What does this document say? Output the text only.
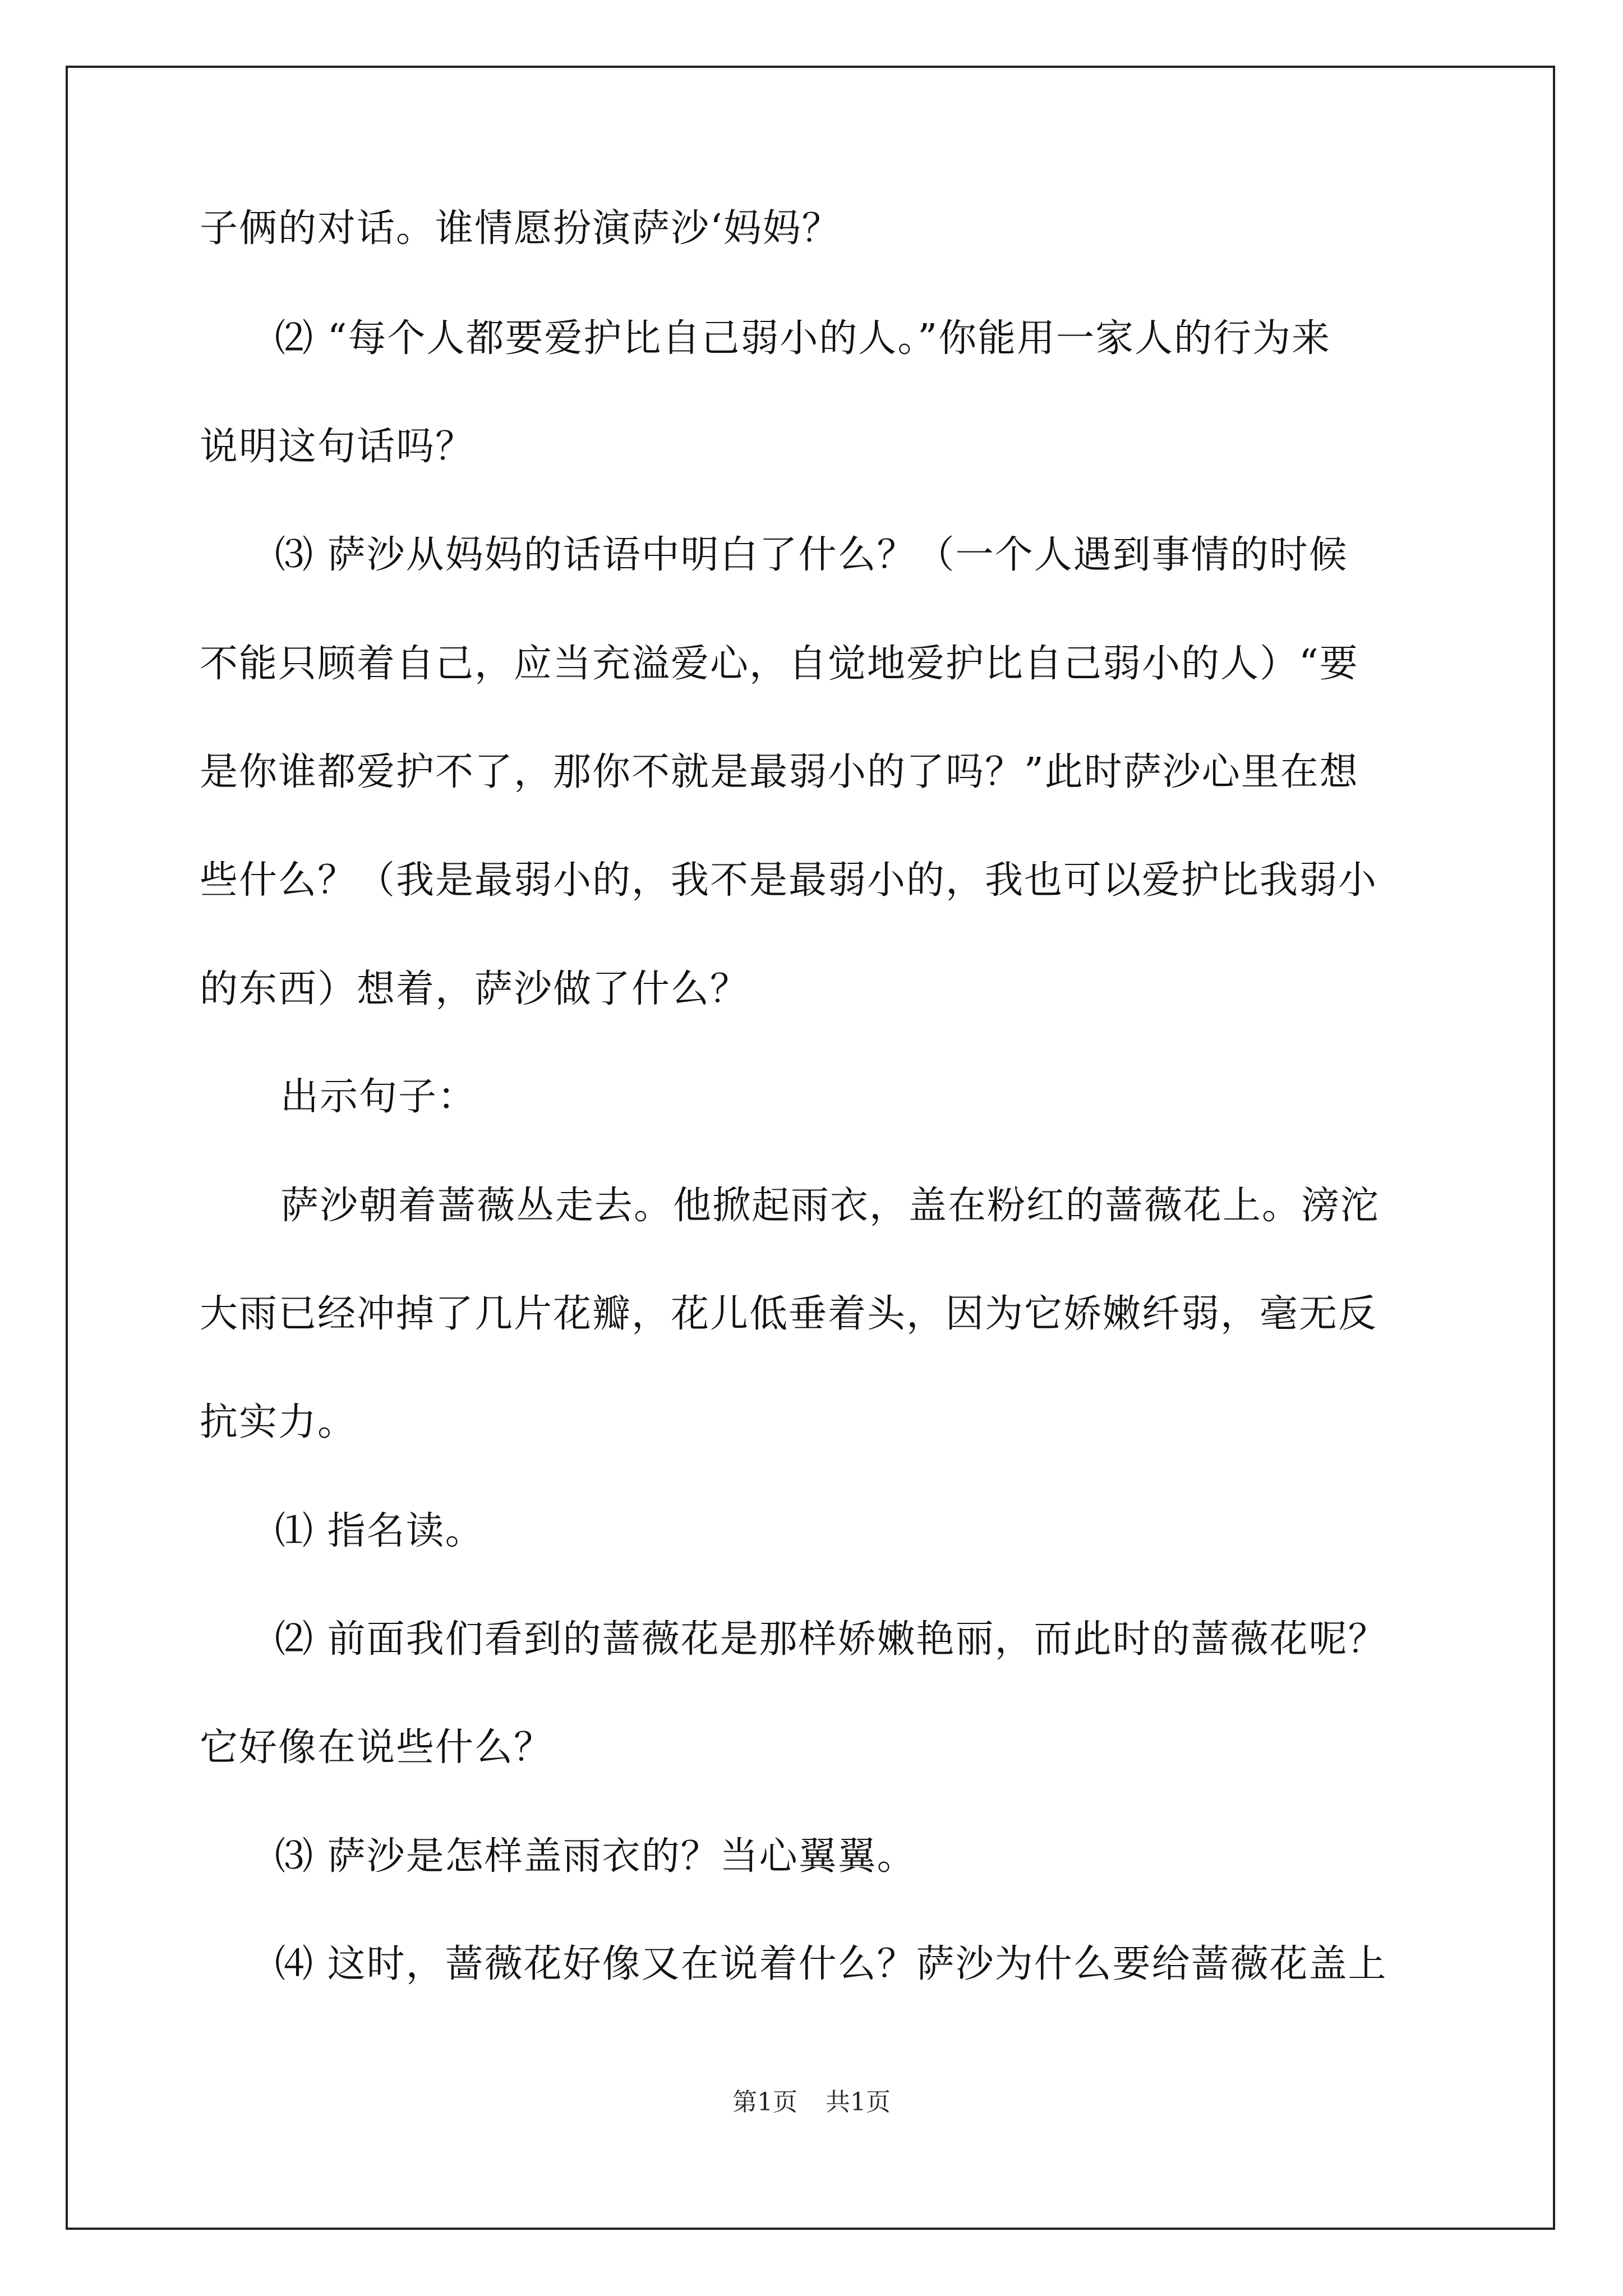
子俩的对话。谁情愿扮演萨沙‘妈妈？
⑵ “每个人都要爱护比自己弱小的人。”你能用一家人的行为来
说明这句话吗？
⑶ 萨沙从妈妈的话语中明白了什么？（一个人遇到事情的时候
不能只顾着自己，应当充溢爱心，自觉地爱护比自己弱小的人）“要
是你谁都爱护不了，那你不就是最弱小的了吗？”此时萨沙心里在想
些什么？（我是最弱小的，我不是最弱小的，我也可以爱护比我弱小
的东西）想着，萨沙做了什么？
出示句子：
萨沙朝着蔷薇丛走去。他掀起雨衣，盖在粉红的蔷薇花上。滂沱
大雨已经冲掉了几片花瓣，花儿低垂着头，因为它娇嫩纤弱，毫无反
抗实力。
⑴ 指名读。
⑵ 前面我们看到的蔷薇花是那样娇嫩艳丽，而此时的蔷薇花呢？
它好像在说些什么？
⑶ 萨沙是怎样盖雨衣的？当心翼翼。
⑷ 这时，蔷薇花好像又在说着什么？萨沙为什么要给蔷薇花盖上
第1页 共1页
